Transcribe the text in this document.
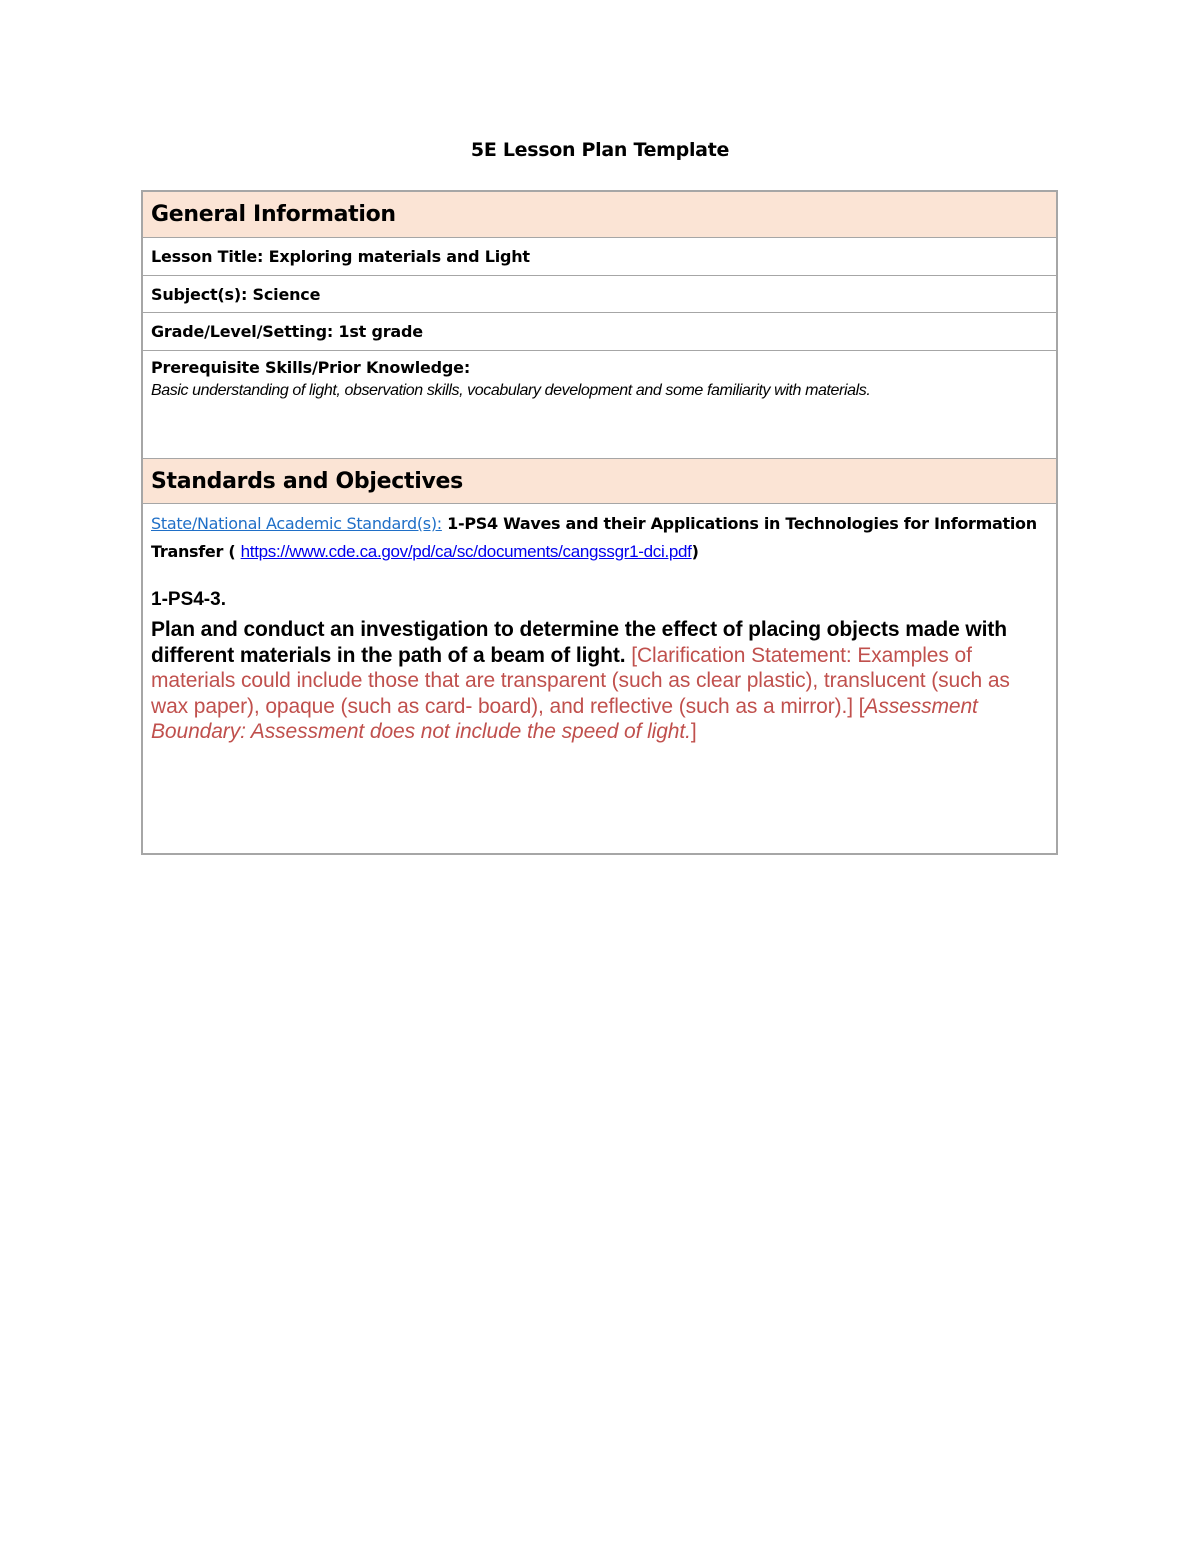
5E Lesson Plan Template
General Information
Lesson Title: Exploring materials and Light
Subject(s): Science
Grade/Level/Setting: 1st grade
Prerequisite Skills/Prior Knowledge:
Basic understanding of light, observation skills, vocabulary development and some familiarity with materials.
Standards and Objectives
State/National Academic Standard(s): 1-PS4 Waves and their Applications in Technologies for Information Transfer ( https://www.cde.ca.gov/pd/ca/sc/documents/cangssgr1-dci.pdf)
1-PS4-3.
Plan and conduct an investigation to determine the effect of placing objects made with different materials in the path of a beam of light. [Clarification Statement: Examples of materials could include those that are transparent (such as clear plastic), translucent (such as wax paper), opaque (such as card- board), and reflective (such as a mirror).] [Assessment Boundary: Assessment does not include the speed of light.]
